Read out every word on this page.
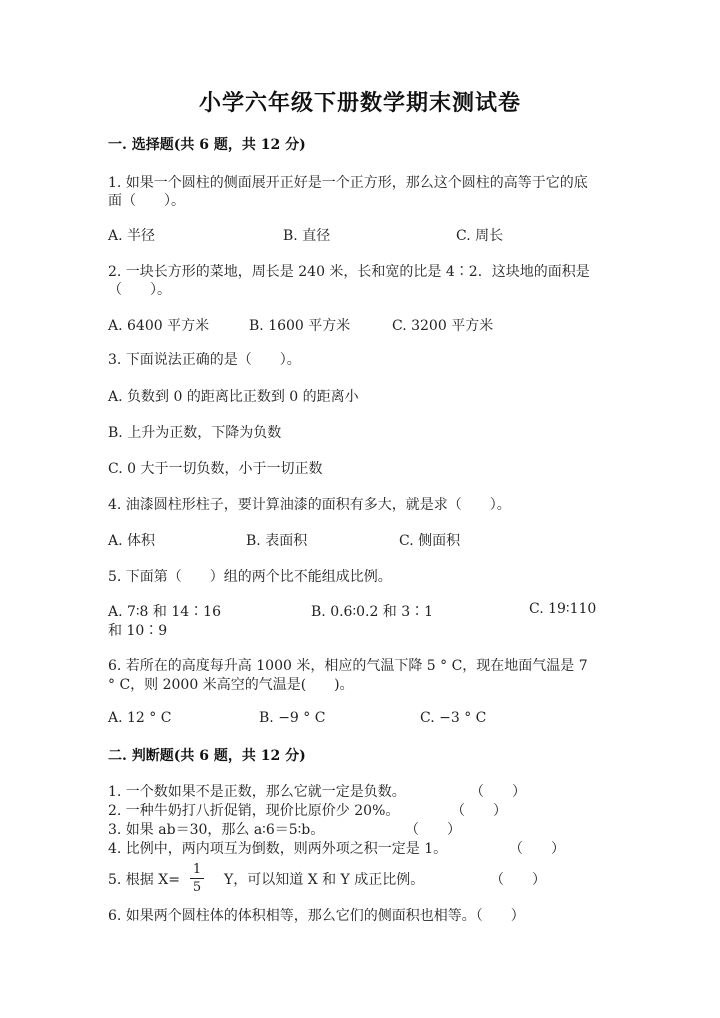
小学六年级下册数学期末测试卷
一. 选择题(共 6 题，共 12 分)
1. 如果一个圆柱的侧面展开正好是一个正方形，那么这个圆柱的高等于它的底
面（　　）。
A. 半径	B. 直径	C. 周长
2. 一块长方形的菜地，周长是 240 米，长和宽的比是 4∶2．这块地的面积是
（　　）。
A. 6400 平方米	B. 1600 平方米	C. 3200 平方米
3. 下面说法正确的是（　　）。
A. 负数到 0 的距离比正数到 0 的距离小
B. 上升为正数，下降为负数
C. 0 大于一切负数，小于一切正数
4. 油漆圆柱形柱子，要计算油漆的面积有多大，就是求（　　）。
A. 体积	B. 表面积	C. 侧面积
5. 下面第（　　）组的两个比不能组成比例。
A. 7∶8 和 14∶16	B. 0.6∶0.2 和 3∶1	C. 19∶110
和 10∶9
6. 若所在的高度每升高 1000 米，相应的气温下降 5 ° C，现在地面气温是 7
° C，则 2000 米高空的气温是(　　)。
A. 12 ° C	B. −9 ° C	C. −3 ° C
二. 判断题(共 6 题，共 12 分)
1. 一个数如果不是正数，那么它就一定是负数。	（　　）
2. 一种牛奶打八折促销，现价比原价少 20%。	（　　）
3. 如果 ab＝30，那么 a∶6＝5∶b。	（　　）
4. 比例中，两内项互为倒数，则两外项之积一定是 1。	（　　）
5. 根据 X=
1
5 Y，可以知道 X 和 Y 成正比例。	（　　）
6. 如果两个圆柱体的体积相等，那么它们的侧面积也相等。（　　）
